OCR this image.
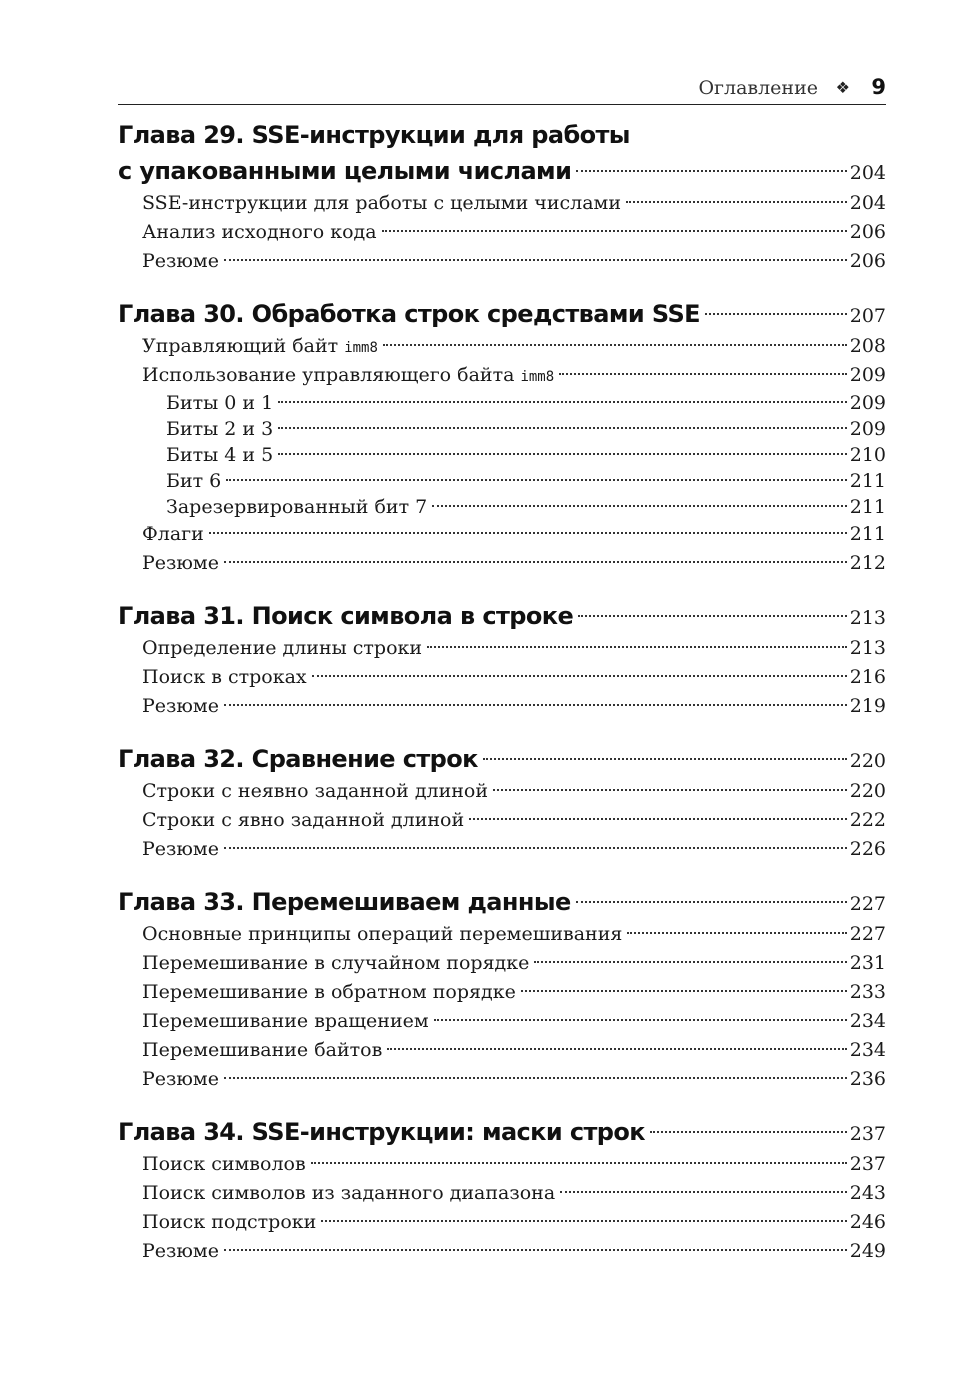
Оглавление ❖ 9
Глава 29. SSE-инструкции для работы
с упакованными целыми числами	204
SSE-инструкции для работы с целыми числами	204
Анализ исходного кода	206
Резюме	206
Глава 30. Обработка строк средствами SSE	207
Управляющий байт imm8	208
Использование управляющего байта imm8	209
Биты 0 и 1	209
Биты 2 и 3	209
Биты 4 и 5	210
Бит 6	211
Зарезервированный бит 7	211
Флаги	211
Резюме	212
Глава 31. Поиск символа в строке	213
Определение длины строки	213
Поиск в строках	216
Резюме	219
Глава 32. Сравнение строк	220
Строки с неявно заданной длиной	220
Строки с явно заданной длиной	222
Резюме	226
Глава 33. Перемешиваем данные	227
Основные принципы операций перемешивания	227
Перемешивание в случайном порядке	231
Перемешивание в обратном порядке	233
Перемешивание вращением	234
Перемешивание байтов	234
Резюме	236
Глава 34. SSE-инструкции: маски строк	237
Поиск символов	237
Поиск символов из заданного диапазона	243
Поиск подстроки	246
Резюме	249
